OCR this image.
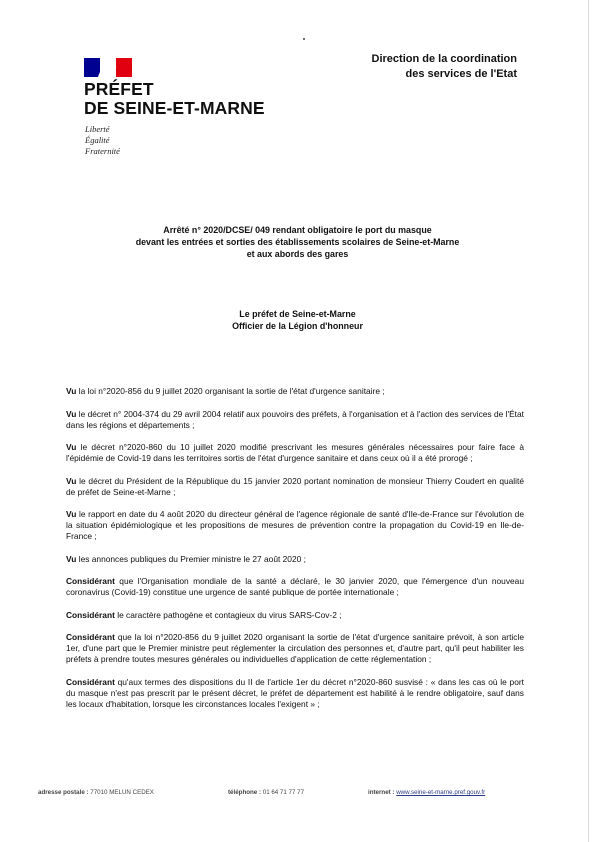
PRÉFET
DE SEINE-ET-MARNE
Liberté
Égalité
Fraternité
Direction de la coordination
des services de l'Etat
Arrêté n° 2020/DCSE/ 049 rendant obligatoire le port du masque
devant les entrées et sorties des établissements scolaires de Seine-et-Marne
et aux abords des gares
Le préfet de Seine-et-Marne
Officier de la Légion d'honneur

Vu la loi n°2020-856 du 9 juillet 2020 organisant la sortie de l'état d'urgence sanitaire ;

Vu le décret n° 2004-374 du 29 avril 2004 relatif aux pouvoirs des préfets, à l'organisation et à l'action des services de l'État dans les régions et départements ;

Vu le décret n°2020-860 du 10 juillet 2020 modifié prescrivant les mesures générales nécessaires pour faire face à l'épidémie de Covid-19 dans les territoires sortis de l'état d'urgence sanitaire et dans ceux où il a été prorogé ;

Vu le décret du Président de la République du 15 janvier 2020 portant nomination de monsieur Thierry Coudert en qualité de préfet de Seine-et-Marne ;

Vu le rapport en date du 4 août 2020 du directeur général de l'agence régionale de santé d'Ile-de-France sur l'évolution de la situation épidémiologique et les propositions de mesures de prévention contre la propagation du Covid-19 en Ile-de-France ;

Vu les annonces publiques du Premier ministre le 27 août 2020 ;

Considérant que l'Organisation mondiale de la santé a déclaré, le 30 janvier 2020, que l'émergence d'un nouveau coronavirus (Covid-19) constitue une urgence de santé publique de portée internationale ;

Considérant le caractère pathogène et contagieux du virus SARS-Cov-2 ;

Considérant que la loi n°2020-856 du 9 juillet 2020 organisant la sortie de l'état d'urgence sanitaire prévoit, à son article 1er, d'une part que le Premier ministre peut réglementer la circulation des personnes et, d'autre part, qu'il peut habiliter les préfets à prendre toutes mesures générales ou individuelles d'application de cette réglementation ;

Considérant qu'aux termes des dispositions du II de l'article 1er du décret n°2020-860 susvisé : « dans les cas où le port du masque n'est pas prescrit par le présent décret, le préfet de département est habilité à le rendre obligatoire, sauf dans les locaux d'habitation, lorsque les circonstances locales l'exigent » ;

adresse postale : 77010 MELUN CEDEX	téléphone : 01 64 71 77 77	internet : www.seine-et-marne.pref.gouv.fr
